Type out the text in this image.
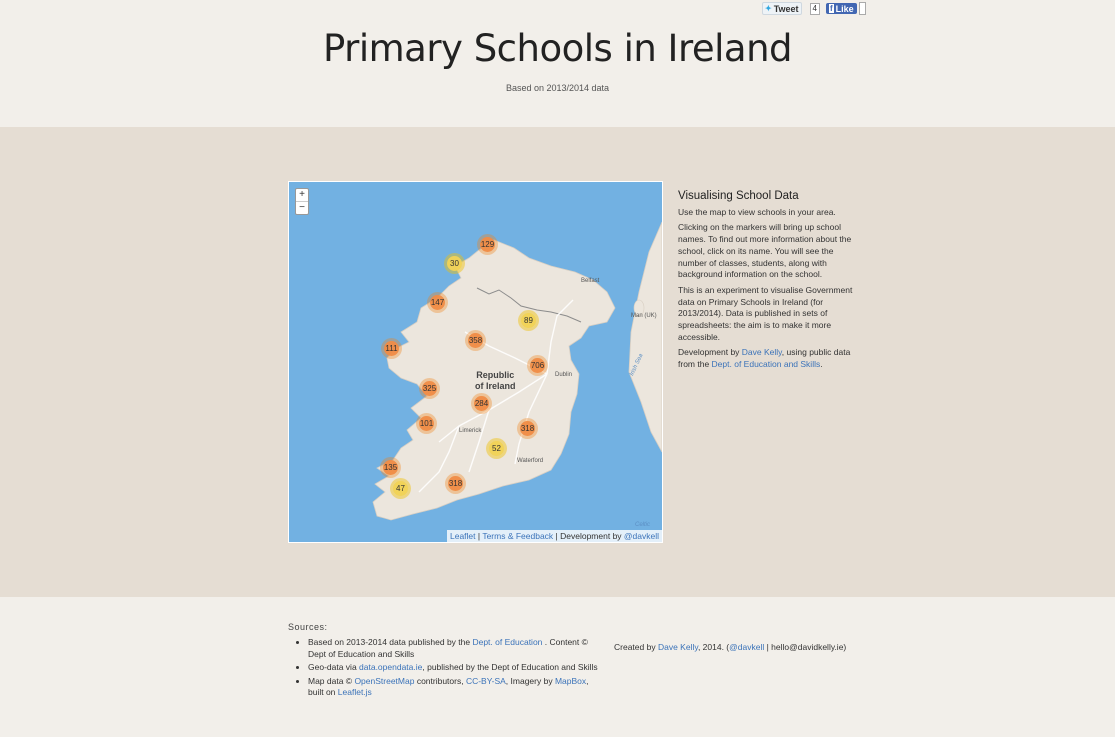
✦ Tweet	4	f Like
Primary Schools in Ireland
Based on 2013/2014 data
+
−
Republic
of Ireland
Belfast
Dublin
Limerick
Waterford
Man (UK)
Irish Sea
Celtic
129
30
147
89
358
111
706
325
284
101
318
52
135
47
318
Leaflet | Terms & Feedback | Development by @davkell
Visualising School Data

Use the map to view schools in your area.

Clicking on the markers will bring up school names. To find out more information about the school, click on its name. You will see the number of classes, students, along with background information on the school.

This is an experiment to visualise Government data on Primary Schools in Ireland (for 2013/2014). Data is published in sets of spreadsheets: the aim is to make it more accessible.

Development by Dave Kelly, using public data from the Dept. of Education and Skills.

Sources:
• Based on 2013-2014 data published by the Dept. of Education . Content © Dept of Education and Skills
• Geo-data via data.opendata.ie, published by the Dept of Education and Skills
• Map data © OpenStreetMap contributors, CC-BY-SA, Imagery by MapBox, built on Leaflet.js
Created by Dave Kelly, 2014. (@davkell | hello@davidkelly.ie)
